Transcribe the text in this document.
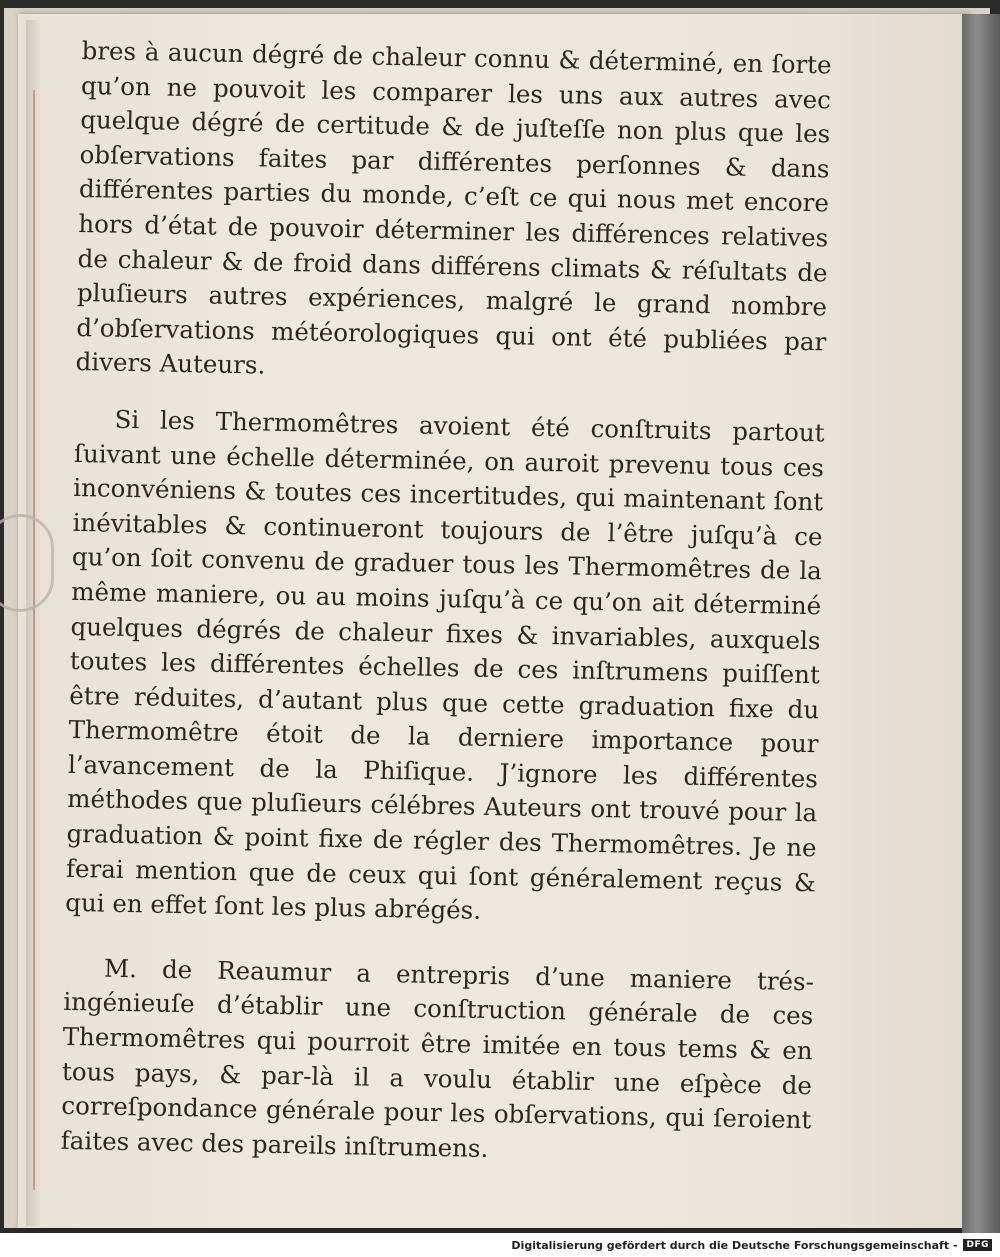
bres à aucun dégré de chaleur connu & déterminé, en ſorte qu’on ne pouvoit les comparer les uns aux autres avec quelque dégré de certitude & de juſteſſe non plus que les obſervations faites par différentes perſonnes & dans différentes parties du monde, c’eſt ce qui nous met encore hors d’état de pouvoir déterminer les différences relatives de chaleur & de froid dans différens climats & réſultats de pluſieurs autres expériences, malgré le grand nombre d’obſervations météorologiques qui ont été publiées par divers Auteurs.

Si les Thermomêtres avoient été conſtruits partout ſuivant une échelle déterminée, on auroit prevenu tous ces inconvéniens & toutes ces incertitudes, qui maintenant ſont inévitables & continueront toujours de l’être juſqu’à ce qu’on ſoit convenu de graduer tous les Thermomêtres de la même maniere, ou au moins juſqu’à ce qu’on ait déterminé quelques dégrés de chaleur fixes & invariables, auxquels toutes les différentes échelles de ces inſtrumens puiſſent être réduites, d’autant plus que cette graduation fixe du Thermomêtre étoit de la derniere importance pour l’avancement de la Phiſique. J’ignore les différentes méthodes que pluſieurs célébres Auteurs ont trouvé pour la graduation & point fixe de régler des Thermomêtres. Je ne ferai mention que de ceux qui ſont généralement reçus & qui en effet ſont les plus abrégés.

M. de Reaumur a entrepris d’une maniere trés-ingénieuſe d’établir une conſtruction générale de ces Thermomêtres qui pourroit être imitée en tous tems & en tous pays, & par-là il a voulu établir une eſpèce de correſpondance générale pour les obſervations, qui ſeroient faites avec des pareils inſtrumens.

Digitalisierung gefördert durch die Deutsche Forschungsgemeinschaft -	DFG
